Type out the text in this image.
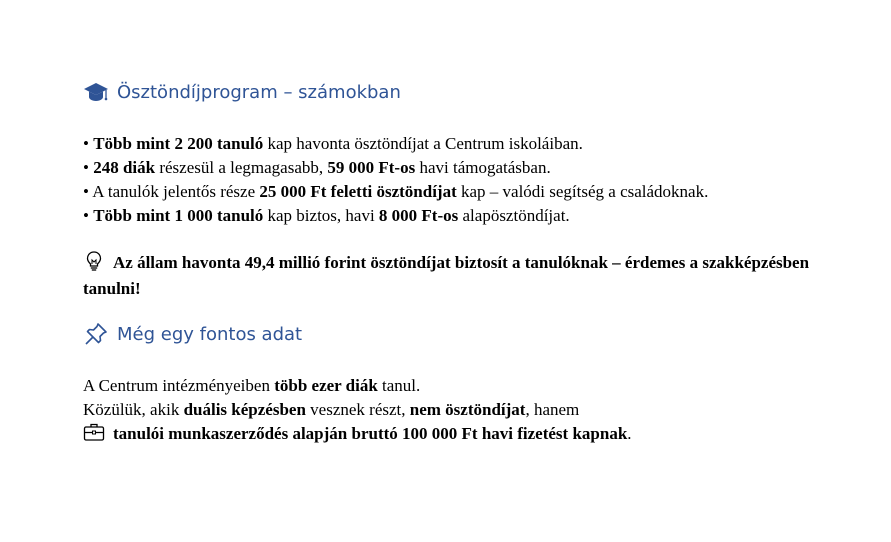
Ösztöndíjprogram – számokban
• Több mint 2 200 tanuló kap havonta ösztöndíjat a Centrum iskoláiban.
• 248 diák részesül a legmagasabb, 59 000 Ft-os havi támogatásban.
• A tanulók jelentős része 25 000 Ft feletti ösztöndíjat kap – valódi segítség a családoknak.
• Több mint 1 000 tanuló kap biztos, havi 8 000 Ft-os alapösztöndíjat.
Az állam havonta 49,4 millió forint ösztöndíjat biztosít a tanulóknak – érdemes a szakképzésben tanulni!
Még egy fontos adat
A Centrum intézményeiben több ezer diák tanul.
Közülük, akik duális képzésben vesznek részt, nem ösztöndíjat, hanem
tanulói munkaszerződés alapján bruttó 100 000 Ft havi fizetést kapnak.
